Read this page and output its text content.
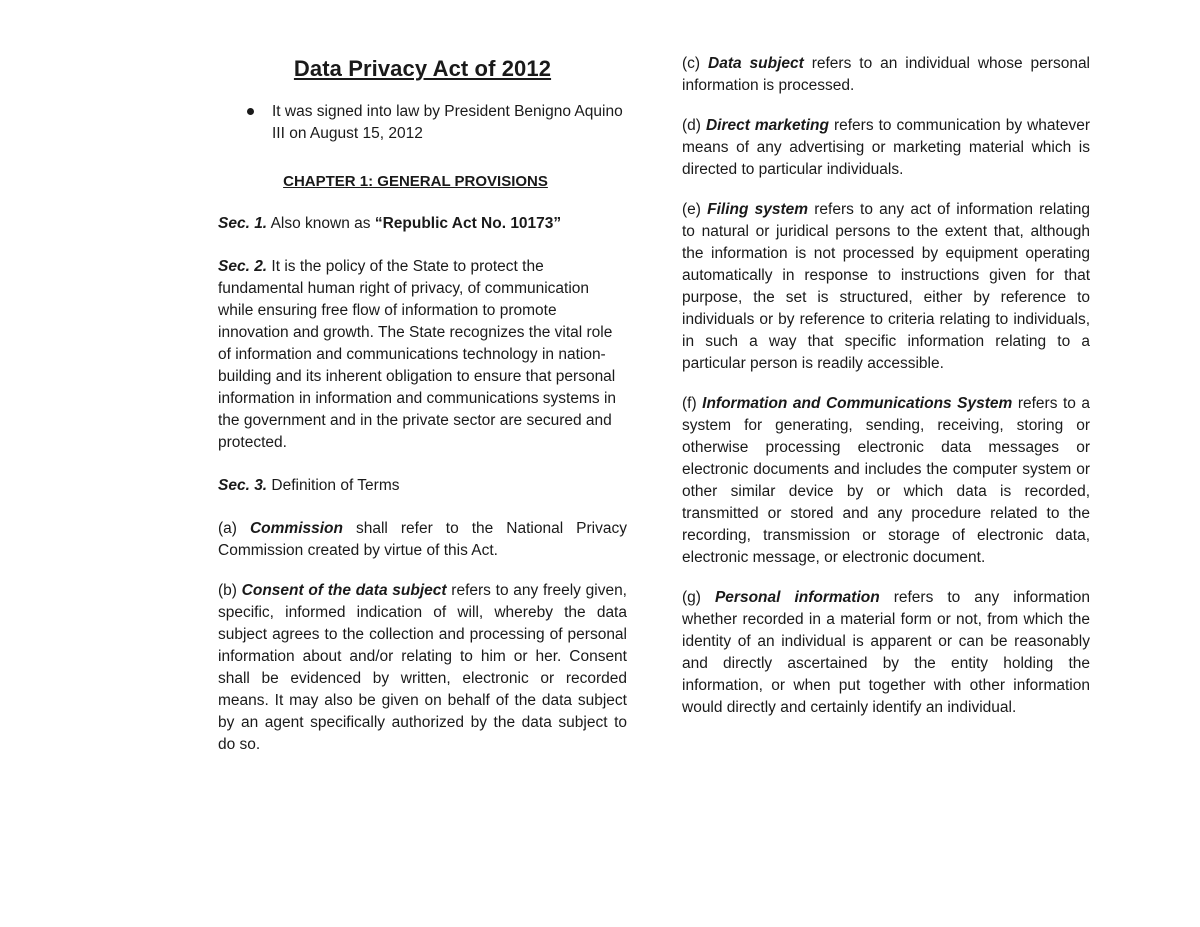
Data Privacy Act of 2012
It was signed into law by President Benigno Aquino III on August 15, 2012
CHAPTER 1: GENERAL PROVISIONS

Sec. 1. Also known as “Republic Act No. 10173”

Sec. 2. It is the policy of the State to protect the fundamental human right of privacy, of communication while ensuring free flow of information to promote innovation and growth. The State recognizes the vital role of information and communications technology in nation-building and its inherent obligation to ensure that personal information in information and communications systems in the government and in the private sector are secured and protected.

Sec. 3. Definition of Terms

(a) Commission shall refer to the National Privacy Commission created by virtue of this Act.

(b) Consent of the data subject refers to any freely given, specific, informed indication of will, whereby the data subject agrees to the collection and processing of personal information about and/or relating to him or her. Consent shall be evidenced by written, electronic or recorded means. It may also be given on behalf of the data subject by an agent specifically authorized by the data subject to do so.

(c) Data subject refers to an individual whose personal information is processed.

(d) Direct marketing refers to communication by whatever means of any advertising or marketing material which is directed to particular individuals.

(e) Filing system refers to any act of information relating to natural or juridical persons to the extent that, although the information is not processed by equipment operating automatically in response to instructions given for that purpose, the set is structured, either by reference to individuals or by reference to criteria relating to individuals, in such a way that specific information relating to a particular person is readily accessible.

(f) Information and Communications System refers to a system for generating, sending, receiving, storing or otherwise processing electronic data messages or electronic documents and includes the computer system or other similar device by or which data is recorded, transmitted or stored and any procedure related to the recording, transmission or storage of electronic data, electronic message, or electronic document.

(g) Personal information refers to any information whether recorded in a material form or not, from which the identity of an individual is apparent or can be reasonably and directly ascertained by the entity holding the information, or when put together with other information would directly and certainly identify an individual.
